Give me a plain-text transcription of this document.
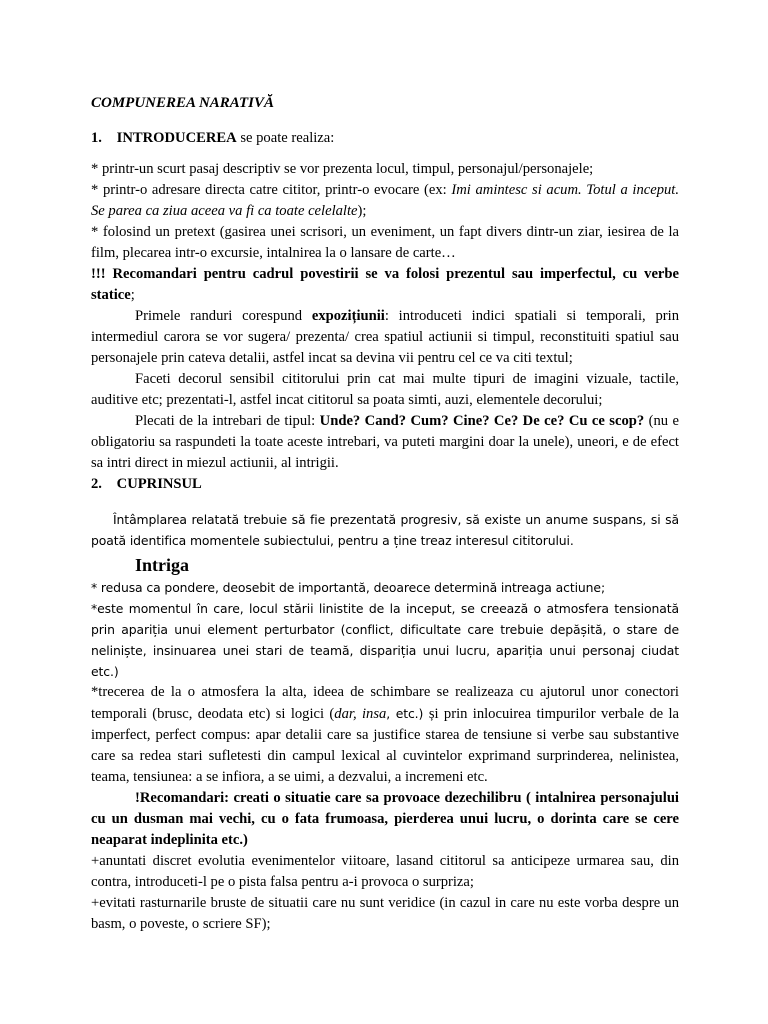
COMPUNEREA NARATIVĂ
1. INTRODUCEREA se poate realiza:

* printr-un scurt pasaj descriptiv se vor prezenta locul, timpul, personajul/personajele;

* printr-o adresare directa catre cititor, printr-o evocare (ex: Imi amintesc si acum. Totul a inceput. Se parea ca ziua aceea va fi ca toate celelalte);

* folosind un pretext (gasirea unei scrisori, un eveniment, un fapt divers dintr-un ziar, iesirea de la film, plecarea intr-o excursie, intalnirea la o lansare de carte…

!!! Recomandari pentru cadrul povestirii se va folosi prezentul sau imperfectul, cu verbe statice;

Primele randuri corespund expozițiunii: introduceti indici spatiali si temporali, prin intermediul carora se vor sugera/ prezenta/ crea spatiul actiunii si timpul, reconstituiti spatiul sau personajele prin cateva detalii, astfel incat sa devina vii pentru cel ce va citi textul;

Faceti decorul sensibil cititorului prin cat mai multe tipuri de imagini vizuale, tactile, auditive etc; prezentati-l, astfel incat cititorul sa poata simti, auzi, elementele decorului;

Plecati de la intrebari de tipul: Unde? Cand? Cum? Cine? Ce? De ce? Cu ce scop? (nu e obligatoriu sa raspundeti la toate aceste intrebari, va puteti margini doar la unele), uneori, e de efect sa intri direct in miezul actiunii, al intrigii.

2. CUPRINSUL

Întâmplarea relatată trebuie să fie prezentată progresiv, să existe un anume suspans, si să poată identifica momentele subiectului, pentru a ține treaz interesul cititorului.

Intriga

* redusa ca pondere, deosebit de importantă, deoarece determină intreaga actiune;

*este momentul în care, locul stării linistite de la inceput, se creează o atmosfera tensionată prin apariția unui element perturbator (conflict, dificultate care trebuie depășită, o stare de neliniște, insinuarea unei stari de teamă, dispariția unui lucru, apariția unui personaj ciudat etc.)

*trecerea de la o atmosfera la alta, ideea de schimbare se realizeaza cu ajutorul unor conectori temporali (brusc, deodata etc) si logici (dar, insa, etc.) și prin inlocuirea timpurilor verbale de la imperfect, perfect compus: apar detalii care sa justifice starea de tensiune si verbe sau substantive care sa redea stari sufletesti din campul lexical al cuvintelor exprimand surprinderea, nelinistea, teama, tensiunea: a se infiora, a se uimi, a dezvalui, a incremeni etc.

!Recomandari: creati o situatie care sa provoace dezechilibru ( intalnirea personajului cu un dusman mai vechi, cu o fata frumoasa, pierderea unui lucru, o dorinta care se cere neaparat indeplinita etc.)

+anuntati discret evolutia evenimentelor viitoare, lasand cititorul sa anticipeze urmarea sau, din contra, introduceti-l pe o pista falsa pentru a-i provoca o surpriza;

+evitati rasturnarile bruste de situatii care nu sunt veridice (in cazul in care nu este vorba despre un basm, o poveste, o scriere SF);
